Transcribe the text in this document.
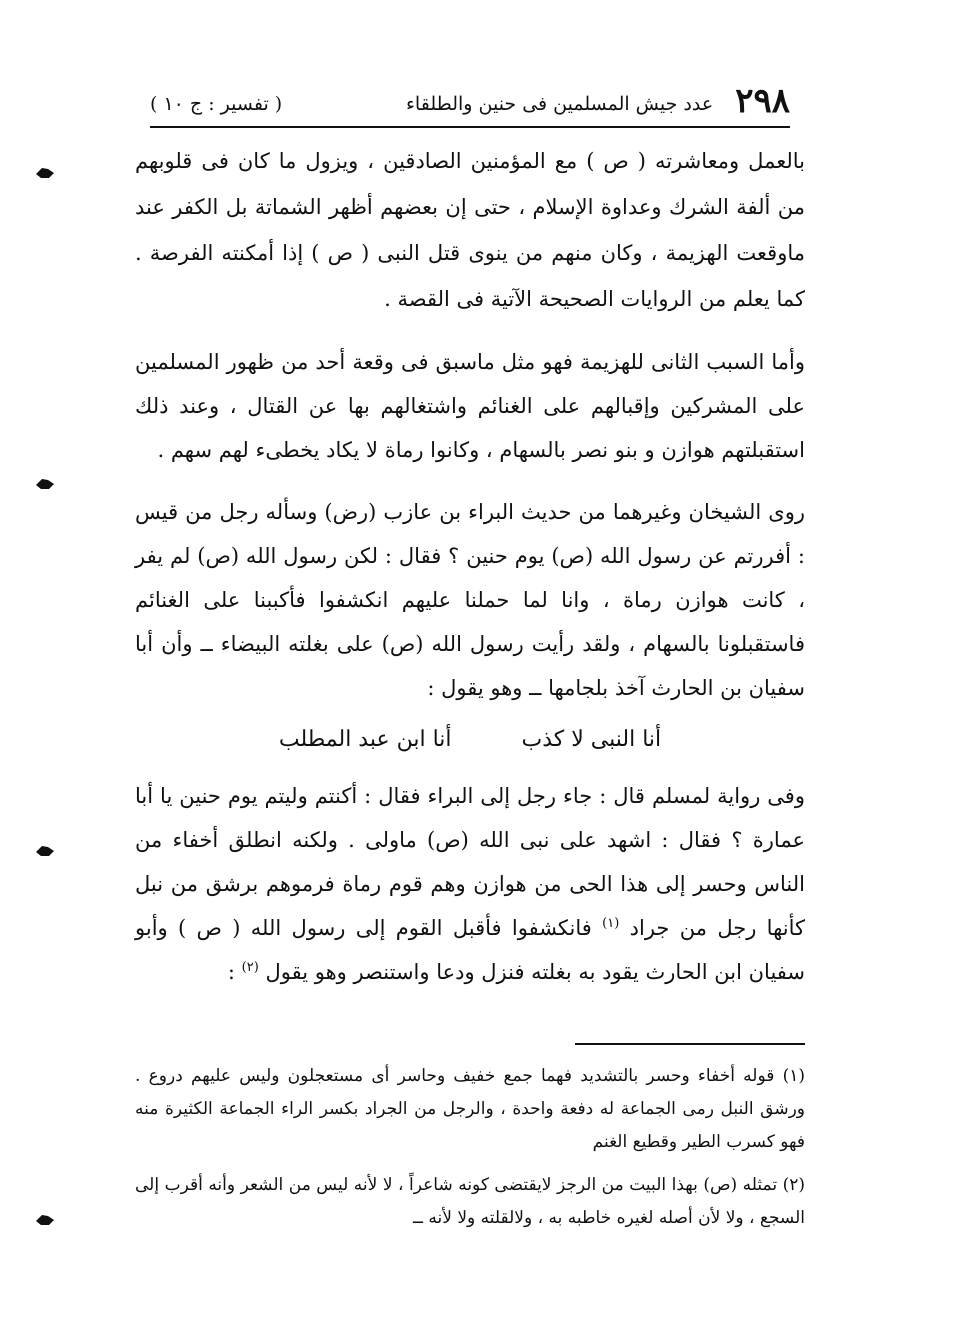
٢٩٨
عدد جيش المسلمين فى حنين والطلقاء
( تفسير : ج ١٠ )

بالعمل ومعاشرته ( ص ) مع المؤمنين الصادقين ، ويزول ما كان فى قلوبهم من ألفة الشرك وعداوة الإسلام ، حتى إن بعضهم أظهر الشماتة بل الكفر عند ماوقعت الهزيمة ، وكان منهم من ينوى قتل النبى ( ص ) إذا أمكنته الفرصة . كما يعلم من الروايات الصحيحة الآتية فى القصة .

وأما السبب الثانى للهزيمة فهو مثل ماسبق فى وقعة أحد من ظهور المسلمين على المشركين وإقبالهم على الغنائم واشتغالهم بها عن القتال ، وعند ذلك استقبلتهم هوازن و بنو نصر بالسهام ، وكانوا رماة لا يكاد يخطىء لهم سهم .

روى الشيخان وغيرهما من حديث البراء بن عازب (رض) وسأله رجل من قيس : أفررتم عن رسول الله (ص) يوم حنين ؟ فقال : لكن رسول الله (ص) لم يفر ، كانت هوازن رماة ، وانا لما حملنا عليهم انكشفوا فأكببنا على الغنائم فاستقبلونا بالسهام ، ولقد رأيت رسول الله (ص) على بغلته البيضاء ــ وأن أبا سفيان بن الحارث آخذ بلجامها ــ وهو يقول :

أنا النبى لا كذب
أنا ابن عبد المطلب

وفى رواية لمسلم قال : جاء رجل إلى البراء فقال : أكنتم وليتم يوم حنين يا أبا عمارة ؟ فقال : اشهد على نبى الله (ص) ماولى . ولكنه انطلق أخفاء من الناس وحسر إلى هذا الحى من هوازن وهم قوم رماة فرموهم برشق من نبل كأنها رجل من جراد $^{(١)}$ فانكشفوا فأقبل القوم إلى رسول الله ( ص ) وأبو سفيان ابن الحارث يقود به بغلته فنزل ودعا واستنصر وهو يقول $^{(٢)}$ :

(١) قوله أخفاء وحسر بالتشديد فهما جمع خفيف وحاسر أى مستعجلون وليس عليهم دروع . ورشق النبل رمى الجماعة له دفعة واحدة ، والرجل من الجراد بكسر الراء الجماعة الكثيرة منه فهو كسرب الطير وقطيع الغنم

(٢) تمثله (ص) بهذا البيت من الرجز لايقتضى كونه شاعراً ، لا لأنه ليس من الشعر وأنه أقرب إلى السجع ، ولا لأن أصله لغيره خاطبه به ، ولالقلته ولا لأنه ــ
